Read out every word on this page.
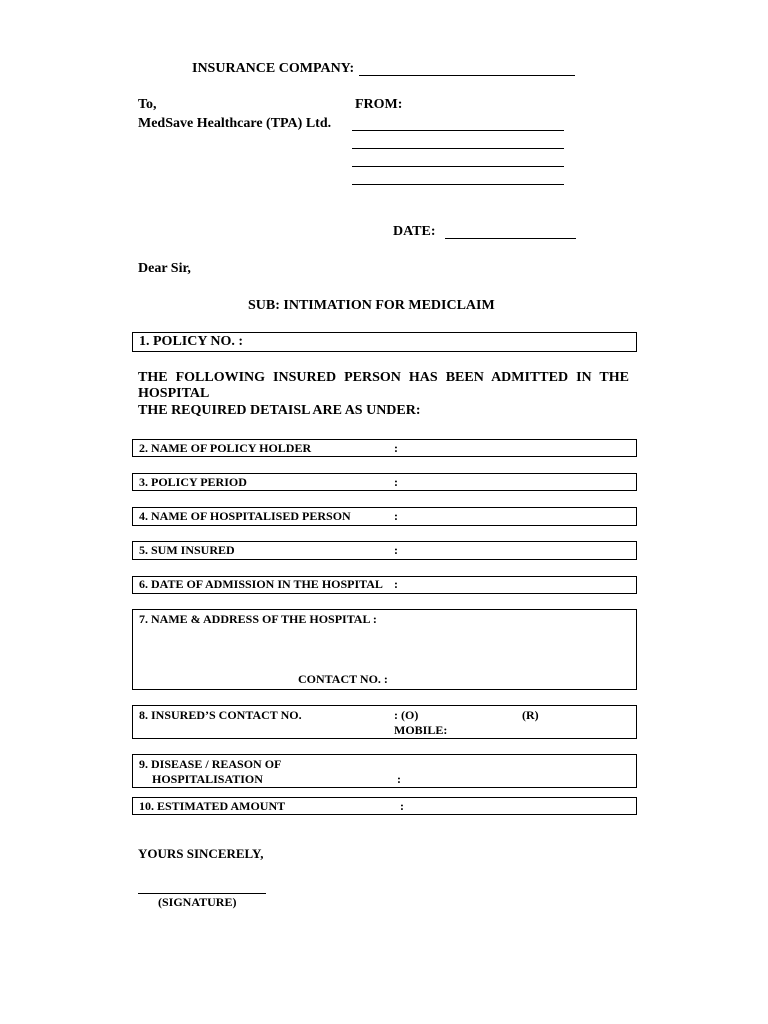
INSURANCE COMPANY:
To,	FROM:
MedSave Healthcare (TPA) Ltd.
DATE:
Dear Sir,
SUB: INTIMATION FOR MEDICLAIM
1. POLICY NO. :
THE FOLLOWING INSURED PERSON HAS BEEN ADMITTED IN THE
HOSPITAL
THE REQUIRED DETAISL ARE AS UNDER:
2. NAME OF POLICY HOLDER	:
3. POLICY PERIOD	:
4. NAME OF HOSPITALISED PERSON	:
5. SUM INSURED	:
6. DATE OF ADMISSION IN THE HOSPITAL :
7. NAME & ADDRESS OF THE HOSPITAL :
CONTACT NO. :
8. INSURED’S CONTACT NO.	: (O)	(R)
MOBILE:
9. DISEASE / REASON OF
HOSPITALISATION	:
10. ESTIMATED AMOUNT	:
YOURS SINCERELY,
(SIGNATURE)
